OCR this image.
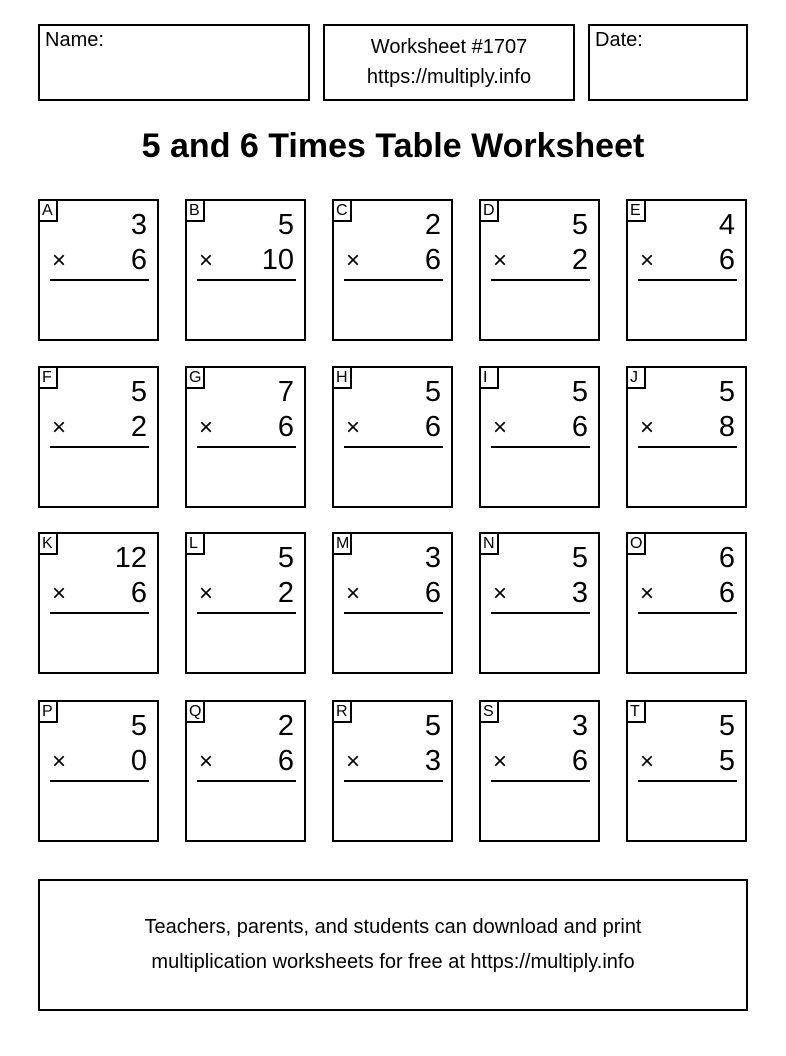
Name:	Worksheet #1707
https://multiply.info
Date:
5 and 6 Times Table Worksheet
A	3
× 6
B	5
× 10
C	2
× 6
D	5
× 2
E	4
× 6
F	5
× 2
G	7
× 6
H	5
× 6
I	5
× 6
J	5
× 8
K 12
× 6
L	5
× 2
M	3
× 6
N	5
× 3
O	6
× 6
P	5
× 0
Q	2
× 6
R	5
× 3
S	3
× 6
T	5
× 5
Teachers, parents, and students can download and print
multiplication worksheets for free at https://multiply.info
